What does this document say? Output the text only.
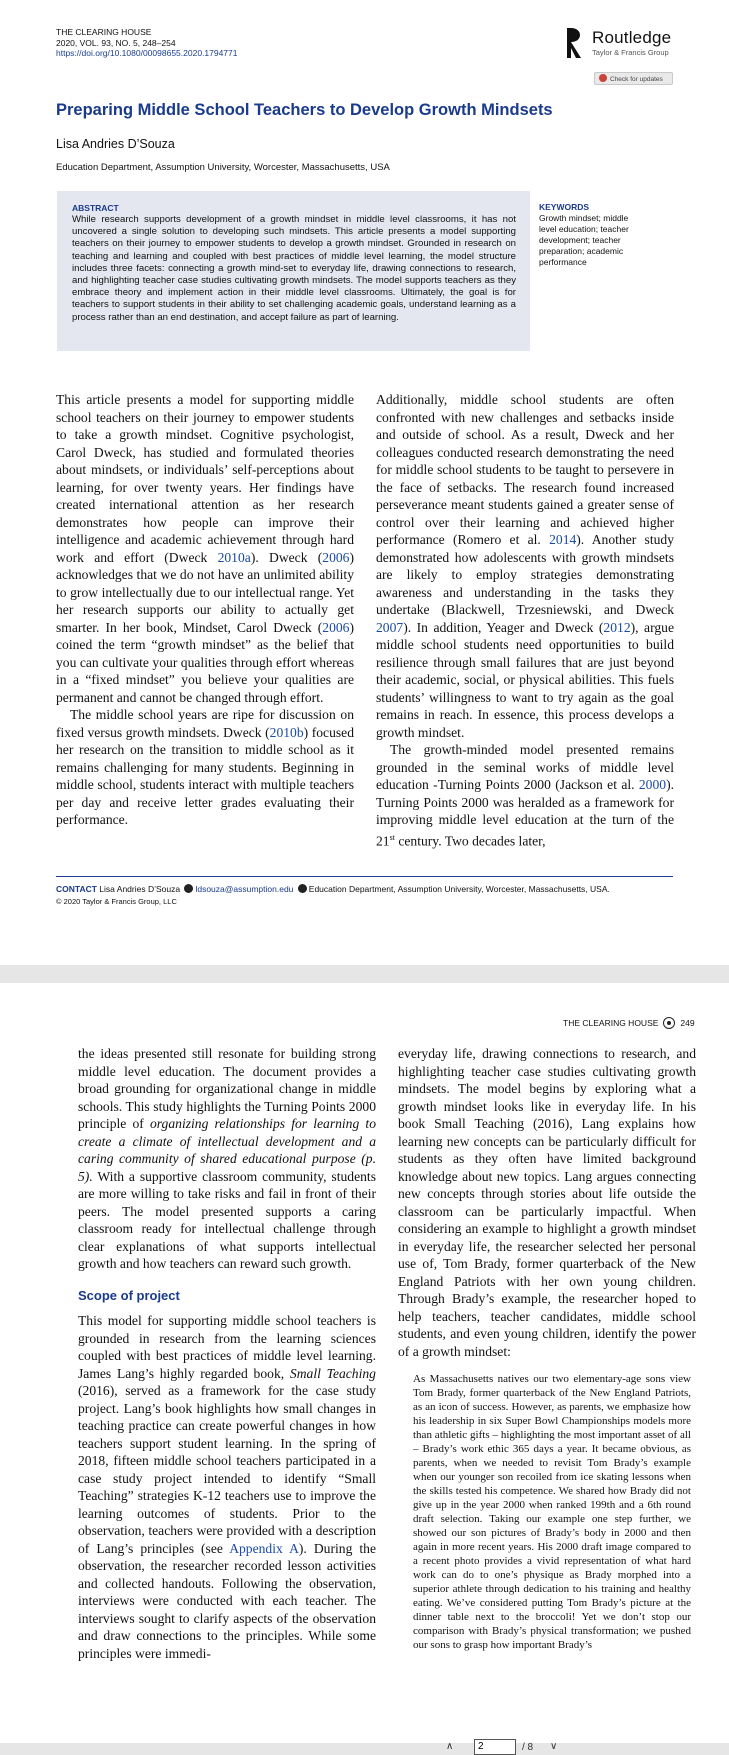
THE CLEARING HOUSE
2020, VOL. 93, NO. 5, 248–254
https://doi.org/10.1080/00098655.2020.1794771	ROUTLEDGE
Routledge
Taylor & Francis Group
Check for updates
Preparing Middle School Teachers to Develop Growth Mindsets
Lisa Andries D’Souza
Education Department, Assumption University, Worcester, Massachusetts, USA
ABSTRACT
While research supports development of a growth mindset in middle level classrooms, it has not uncovered a single solution to developing such mindsets. This article presents a model supporting teachers on their journey to empower students to develop a growth mindset. Grounded in research on teaching and learning and coupled with best practices of middle level learning, the model structure includes three facets: connecting a growth mind-set to everyday life, drawing connections to research, and highlighting teacher case studies cultivating growth mindsets. The model supports teachers as they embrace theory and implement action in their middle level classrooms. Ultimately, the goal is for teachers to support students in their ability to set challenging academic goals, understand learning as a process rather than an end destination, and accept failure as part of learning.
KEYWORDS
Growth mindset; middle level education; teacher development; teacher preparation; academic performance

This article presents a model for supporting middle school teachers on their journey to empower students to take a growth mindset. Cognitive psychologist, Carol Dweck, has studied and formulated theories about mindsets, or individuals’ self-perceptions about learning, for over twenty years. Her findings have created international attention as her research demonstrates how people can improve their intelligence and academic achievement through hard work and effort (Dweck 2010a). Dweck (2006) acknowledges that we do not have an unlimited ability to grow intellectually due to our intellectual range. Yet her research supports our ability to actually get smarter. In her book, Mindset, Carol Dweck (2006) coined the term “growth mindset” as the belief that you can cultivate your qualities through effort whereas in a “fixed mindset” you believe your qualities are permanent and cannot be changed through effort.

The middle school years are ripe for discussion on fixed versus growth mindsets. Dweck (2010b) focused her research on the transition to middle school as it remains challenging for many students. Beginning in middle school, students interact with multiple teachers per day and receive letter grades evaluating their performance.

Additionally, middle school students are often confronted with new challenges and setbacks inside and outside of school. As a result, Dweck and her colleagues conducted research demonstrating the need for middle school students to be taught to persevere in the face of setbacks. The research found increased perseverance meant students gained a greater sense of control over their learning and achieved higher performance (Romero et al. 2014). Another study demonstrated how adolescents with growth mindsets are likely to employ strategies demonstrating awareness and understanding in the tasks they undertake (Blackwell, Trzesniewski, and Dweck 2007). In addition, Yeager and Dweck (2012), argue middle school students need opportunities to build resilience through small failures that are just beyond their academic, social, or physical abilities. This fuels students’ willingness to want to try again as the goal remains in reach. In essence, this process develops a growth mindset.

The growth-minded model presented remains grounded in the seminal works of middle level education -Turning Points 2000 (Jackson et al. 2000). Turning Points 2000 was heralded as a framework for improving middle level education at the turn of the 21st century. Two decades later,

CONTACT Lisa Andries D’Souza ldsouza@assumption.edu Education Department, Assumption University, Worcester, Massachusetts, USA.
© 2020 Taylor & Francis Group, LLC
THE CLEARING HOUSE	249

the ideas presented still resonate for building strong middle level education. The document provides a broad grounding for organizational change in middle schools. This study highlights the Turning Points 2000 principle of organizing relationships for learning to create a climate of intellectual development and a caring community of shared educational purpose (p. 5). With a supportive classroom community, students are more willing to take risks and fail in front of their peers. The model presented supports a caring classroom ready for intellectual challenge through clear explanations of what supports intellectual growth and how teachers can reward such growth.

Scope of project

This model for supporting middle school teachers is grounded in research from the learning sciences coupled with best practices of middle level learning. James Lang’s highly regarded book, Small Teaching (2016), served as a framework for the case study project. Lang’s book highlights how small changes in teaching practice can create powerful changes in how teachers support student learning. In the spring of 2018, fifteen middle school teachers participated in a case study project intended to identify “Small Teaching” strategies K-12 teachers use to improve the learning outcomes of students. Prior to the observation, teachers were provided with a description of Lang’s principles (see Appendix A). During the observation, the researcher recorded lesson activities and collected handouts. Following the observation, interviews were conducted with each teacher. The interviews sought to clarify aspects of the observation and draw connections to the principles. While some principles were immedi-

everyday life, drawing connections to research, and highlighting teacher case studies cultivating growth mindsets. The model begins by exploring what a growth mindset looks like in everyday life. In his book Small Teaching (2016), Lang explains how learning new concepts can be particularly difficult for students as they often have limited background knowledge about new topics. Lang argues connecting new concepts through stories about life outside the classroom can be particularly impactful. When considering an example to highlight a growth mindset in everyday life, the researcher selected her personal use of, Tom Brady, former quarterback of the New England Patriots with her own young children. Through Brady’s example, the researcher hoped to help teachers, teacher candidates, middle school students, and even young children, identify the power of a growth mindset:

As Massachusetts natives our two elementary-age sons view Tom Brady, former quarterback of the New England Patriots, as an icon of success. However, as parents, we emphasize how his leadership in six Super Bowl Championships models more than athletic gifts – highlighting the most important asset of all – Brady’s work ethic 365 days a year. It became obvious, as parents, when we needed to revisit Tom Brady’s example when our younger son recoiled from ice skating lessons when the skills tested his competence. We shared how Brady did not give up in the year 2000 when ranked 199th and a 6th round draft selection. Taking our example one step further, we showed our son pictures of Brady’s body in 2000 and then again in more recent years. His 2000 draft image compared to a recent photo provides a vivid representation of what hard work can do to one’s physique as Brady morphed into a superior athlete through dedication to his training and healthy eating. We’ve considered putting Tom Brady’s picture at the dinner table next to the broccoli! Yet we don’t stop our comparison with Brady’s physical transformation; we pushed our sons to grasp how important Brady’s

∧
2	/ 8 ∨
